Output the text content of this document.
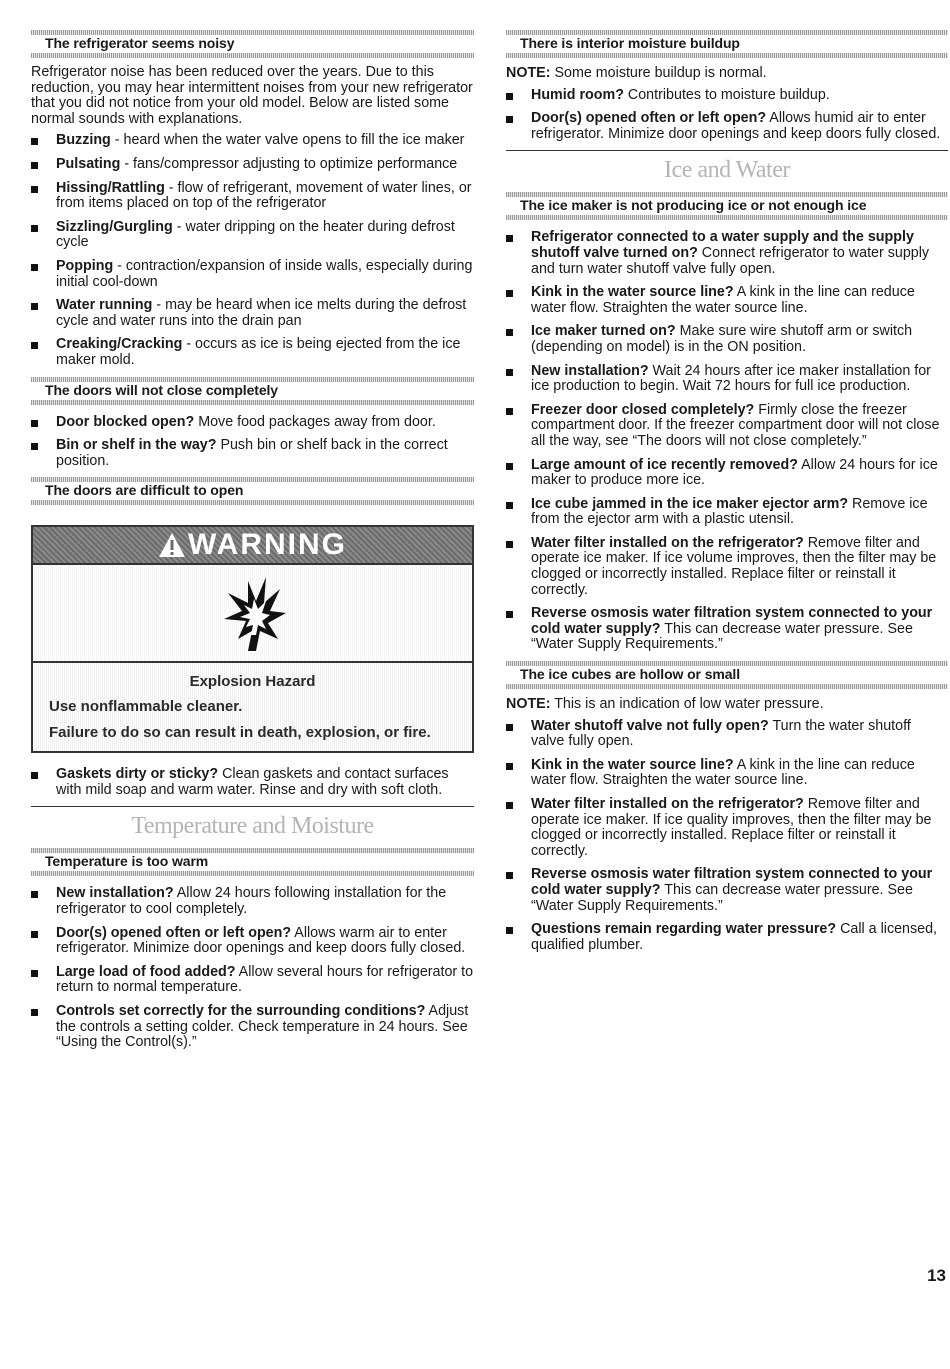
The refrigerator seems noisy

Refrigerator noise has been reduced over the years. Due to this reduction, you may hear intermittent noises from your new refrigerator that you did not notice from your old model. Below are listed some normal sounds with explanations.

Buzzing - heard when the water valve opens to fill the ice maker
Pulsating - fans/compressor adjusting to optimize performance
Hissing/Rattling - flow of refrigerant, movement of water lines, or from items placed on top of the refrigerator
Sizzling/Gurgling - water dripping on the heater during defrost cycle
Popping - contraction/expansion of inside walls, especially during initial cool-down
Water running - may be heard when ice melts during the defrost cycle and water runs into the drain pan
Creaking/Cracking - occurs as ice is being ejected from the ice maker mold.
The doors will not close completely
Door blocked open? Move food packages away from door.
Bin or shelf in the way? Push bin or shelf back in the correct position.
The doors are difficult to open
WARNING
Explosion Hazard
Use nonflammable cleaner.
Failure to do so can result in death, explosion, or fire.
Gaskets dirty or sticky? Clean gaskets and contact surfaces with mild soap and warm water. Rinse and dry with soft cloth.
Temperature and Moisture
Temperature is too warm
New installation? Allow 24 hours following installation for the refrigerator to cool completely.
Door(s) opened often or left open? Allows warm air to enter refrigerator. Minimize door openings and keep doors fully closed.
Large load of food added? Allow several hours for refrigerator to return to normal temperature.
Controls set correctly for the surrounding conditions? Adjust the controls a setting colder. Check temperature in 24 hours. See “Using the Control(s).”
There is interior moisture buildup
NOTE: Some moisture buildup is normal.
Humid room? Contributes to moisture buildup.
Door(s) opened often or left open? Allows humid air to enter refrigerator. Minimize door openings and keep doors fully closed.
Ice and Water
The ice maker is not producing ice or not enough ice
Refrigerator connected to a water supply and the supply shutoff valve turned on? Connect refrigerator to water supply and turn water shutoff valve fully open.
Kink in the water source line? A kink in the line can reduce water flow. Straighten the water source line.
Ice maker turned on? Make sure wire shutoff arm or switch (depending on model) is in the ON position.
New installation? Wait 24 hours after ice maker installation for ice production to begin. Wait 72 hours for full ice production.
Freezer door closed completely? Firmly close the freezer compartment door. If the freezer compartment door will not close all the way, see “The doors will not close completely.”
Large amount of ice recently removed? Allow 24 hours for ice maker to produce more ice.
Ice cube jammed in the ice maker ejector arm? Remove ice from the ejector arm with a plastic utensil.
Water filter installed on the refrigerator? Remove filter and operate ice maker. If ice volume improves, then the filter may be clogged or incorrectly installed. Replace filter or reinstall it correctly.
Reverse osmosis water filtration system connected to your cold water supply? This can decrease water pressure. See “Water Supply Requirements.”
The ice cubes are hollow or small
NOTE: This is an indication of low water pressure.
Water shutoff valve not fully open? Turn the water shutoff valve fully open.
Kink in the water source line? A kink in the line can reduce water flow. Straighten the water source line.
Water filter installed on the refrigerator? Remove filter and operate ice maker. If ice quality improves, then the filter may be clogged or incorrectly installed. Replace filter or reinstall it correctly.
Reverse osmosis water filtration system connected to your cold water supply? This can decrease water pressure. See “Water Supply Requirements.”
Questions remain regarding water pressure? Call a licensed, qualified plumber.
13
